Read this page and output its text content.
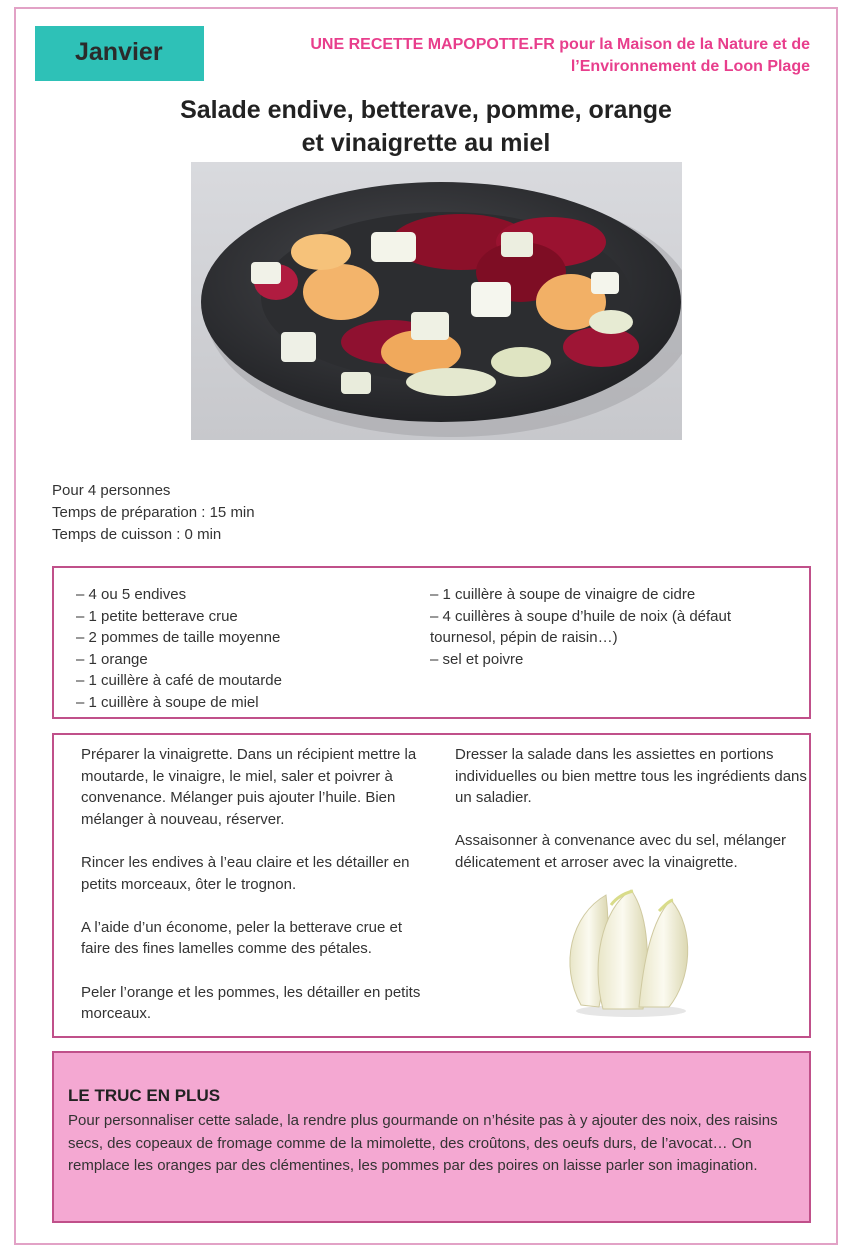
Janvier	UNE RECETTE MAPOPOTTE.FR pour la Maison de la Nature et de
l’Environnement de Loon Plage
Salade endive, betterave, pomme, orange
et vinaigrette au miel
Pour 4 personnes
Temps de préparation : 15 min
Temps de cuisson : 0 min
– 4 ou 5 endives
– 1 petite betterave crue
– 2 pommes de taille moyenne
– 1 orange
– 1 cuillère à café de moutarde
– 1 cuillère à soupe de miel
– 1 cuillère à soupe de vinaigre de cidre
– 4 cuillères à soupe d’huile de noix (à défaut tournesol, pépin de raisin…)
– sel et poivre

Préparer la vinaigrette. Dans un récipient mettre la moutarde, le vinaigre, le miel, saler et poivrer à convenance. Mélanger puis ajouter l’huile. Bien mélanger à nouveau, réserver.

Rincer les endives à l’eau claire et les détailler en petits morceaux, ôter le trognon.

A l’aide d’un économe, peler la betterave crue et faire des fines lamelles comme des pétales.

Peler l’orange et les pommes, les détailler en petits morceaux.

Dresser la salade dans les assiettes en portions individuelles ou bien mettre tous les ingrédients dans un saladier.

Assaisonner à convenance avec du sel, mélanger délicatement et arroser avec la vinaigrette.

LE TRUC EN PLUS
Pour personnaliser cette salade, la rendre plus gourmande on n’hésite pas à y ajouter des noix, des raisins secs, des copeaux de fromage comme de la mimolette, des croûtons, des oeufs durs, de l’avocat… On remplace les oranges par des clémentines, les pommes par des poires on laisse parler son imagination.
